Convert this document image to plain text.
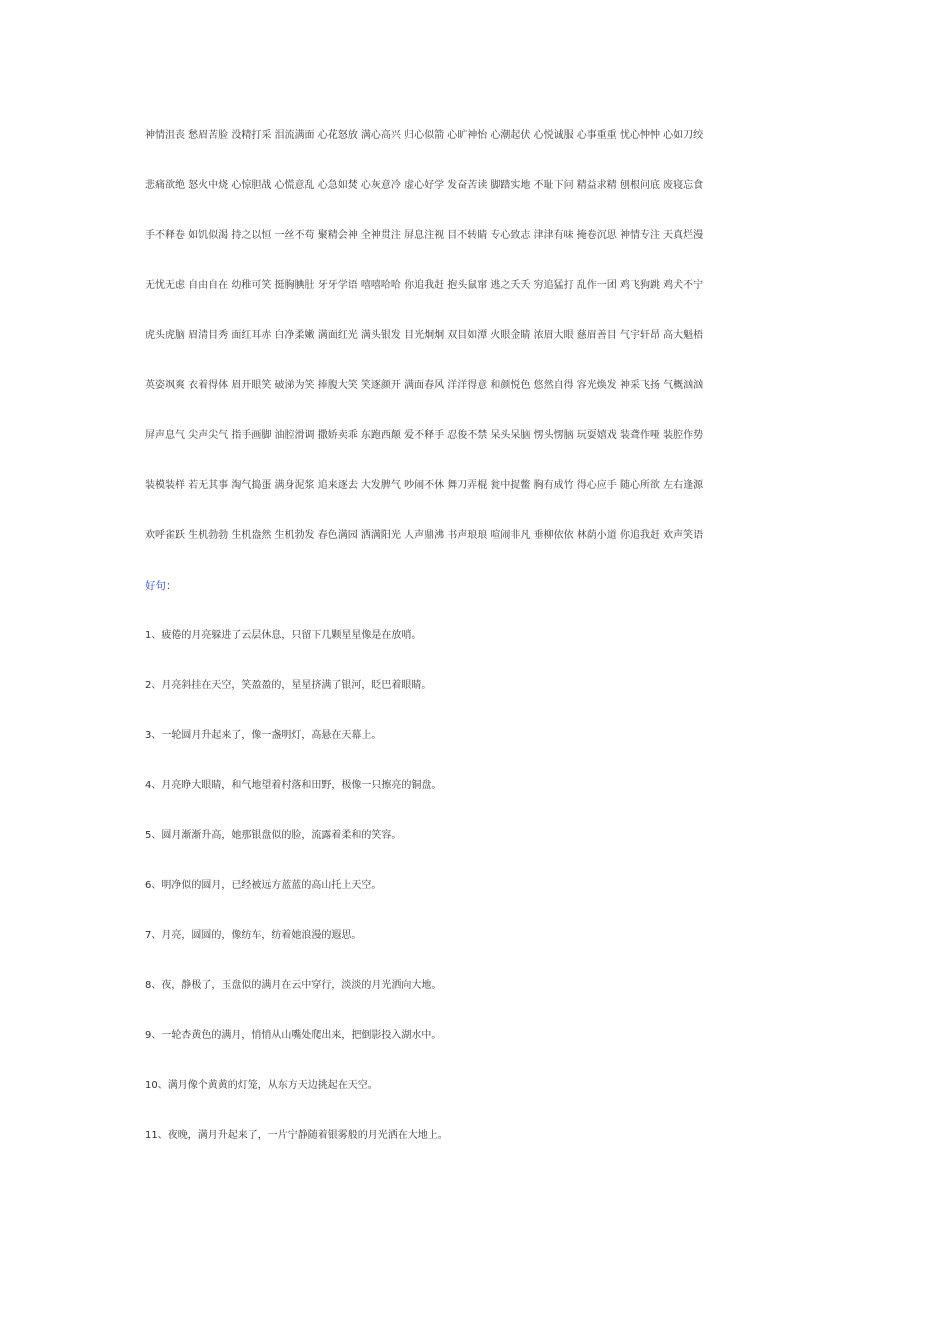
神情沮丧 愁眉苦脸 没精打采 泪流满面 心花怒放 满心高兴 归心似箭 心旷神怡 心潮起伏 心悦诚服 心事重重 忧心忡忡 心如刀绞
悲痛欲绝 怒火中烧 心惊胆战 心慌意乱 心急如焚 心灰意冷 虚心好学 发奋苦读 脚踏实地 不耻下问 精益求精 刨根问底 废寝忘食
手不释卷 如饥似渴 持之以恒 一丝不苟 聚精会神 全神贯注 屏息注视 目不转睛 专心致志 津津有味 掩卷沉思 神情专注 天真烂漫
无忧无虑 自由自在 幼稚可笑 挺胸腆肚 牙牙学语 嘻嘻哈哈 你追我赶 抱头鼠窜 逃之夭夭 穷追猛打 乱作一团 鸡飞狗跳 鸡犬不宁
虎头虎脑 眉清目秀 面红耳赤 白净柔嫩 满面红光 满头银发 目光炯炯 双目如潭 火眼金睛 浓眉大眼 慈眉善目 气宇轩昂 高大魁梧
英姿飒爽 衣着得体 眉开眼笑 破涕为笑 捧腹大笑 笑逐颜开 满面春风 洋洋得意 和颜悦色 悠然自得 容光焕发 神采飞扬 气概汹汹
屏声息气 尖声尖气 指手画脚 油腔滑调 撒娇卖乖 东跑西颠 爱不释手 忍俊不禁 呆头呆脑 愣头愣脑 玩耍嬉戏 装聋作哑 装腔作势
装模装样 若无其事 淘气捣蛋 满身泥浆 追来逐去 大发脾气 吵闹不休 舞刀弄棍 瓮中捉鳖 胸有成竹 得心应手 随心所欲 左右逢源
欢呼雀跃 生机勃勃 生机盎然 生机勃发 春色满园 洒满阳光 人声鼎沸 书声琅琅 喧闹非凡 垂柳依依 林荫小道 你追我赶 欢声笑语
好句：
1、疲倦的月亮躲进了云层休息，只留下几颗星星像是在放哨。
2、月亮斜挂在天空，笑盈盈的，星星挤满了银河，眨巴着眼睛。
3、一轮圆月升起来了，像一盏明灯，高悬在天幕上。
4、月亮睁大眼睛，和气地望着村落和田野，极像一只擦亮的铜盘。
5、圆月渐渐升高，她那银盘似的脸，流露着柔和的笑容。
6、明净似的圆月，已经被远方蓝蓝的高山托上天空。
7、月亮，圆圆的，像纺车，纺着她浪漫的遐思。
8、夜，静极了，玉盘似的满月在云中穿行，淡淡的月光洒向大地。
9、一轮杏黄色的满月，悄悄从山嘴处爬出来，把倒影投入湖水中。
10、满月像个黄黄的灯笼，从东方天边挑起在天空。
11、夜晚，满月升起来了，一片宁静随着银雾般的月光洒在大地上。
